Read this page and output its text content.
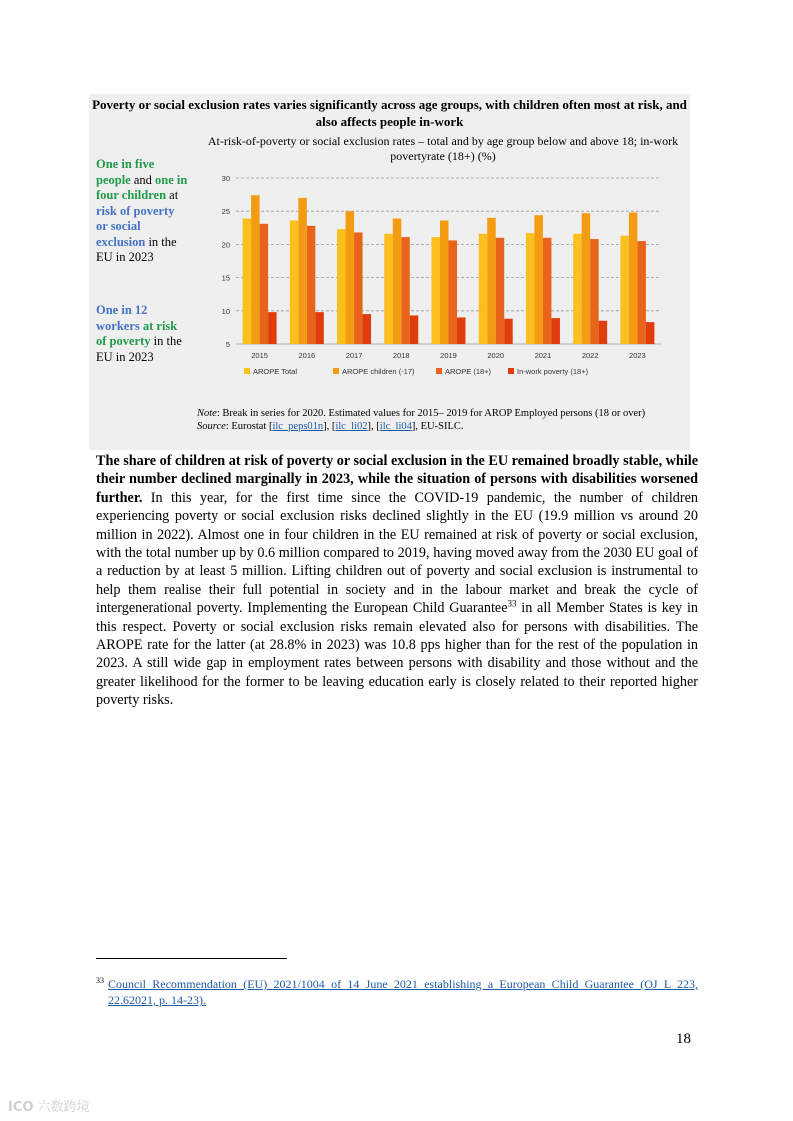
Poverty or social exclusion rates varies significantly across age groups, with children often most at risk, and also affects people in-work
At-risk-of-poverty or social exclusion rates – total and by age group below and above 18; in-work povertyrate (18+) (%)
One in five people and one in four children at risk of poverty or social exclusion in the EU in 2023
One in 12 workers at risk of poverty in the EU in 2023
5
10
15
20
25
30
2015	2016	2017	2018	2019	2020	2021	2022	2023
AROPE Total	AROPE children (-17)	AROPE (18+)	In-work poverty (18+)
Note: Break in series for 2020. Estimated values for 2015– 2019 for AROP Employed persons (18 or over)
Source: Eurostat [ilc_peps01n], [ilc_li02], [ilc_li04], EU-SILC.
The share of children at risk of poverty or social exclusion in the EU remained broadly stable, while their number declined marginally in 2023, while the situation of persons with disabilities worsened further. In this year, for the first time since the COVID-19 pandemic, the number of children experiencing poverty or social exclusion risks declined slightly in the EU (19.9 million vs around 20 million in 2022). Almost one in four children in the EU remained at risk of poverty or social exclusion, with the total number up by 0.6 million compared to 2019, having moved away from the 2030 EU goal of a reduction by at least 5 million. Lifting children out of poverty and social exclusion is instrumental to help them realise their full potential in society and in the labour market and break the cycle of intergenerational poverty. Implementing the European Child Guarantee$^{33}$ in all Member States is key in this respect. Poverty or social exclusion risks remain elevated also for persons with disabilities. The AROPE rate for the latter (at 28.8% in 2023) was 10.8 pps higher than for the rest of the population in 2023. A still wide gap in employment rates between persons with disability and those without and the greater likelihood for the former to be leaving education early is closely related to their reported higher poverty risks.
33 Council Recommendation (EU) 2021/1004 of 14 June 2021 establishing a European Child Guarantee (OJ L 223, 22.62021, p. 14-23).
18
ICO 六数跨境
